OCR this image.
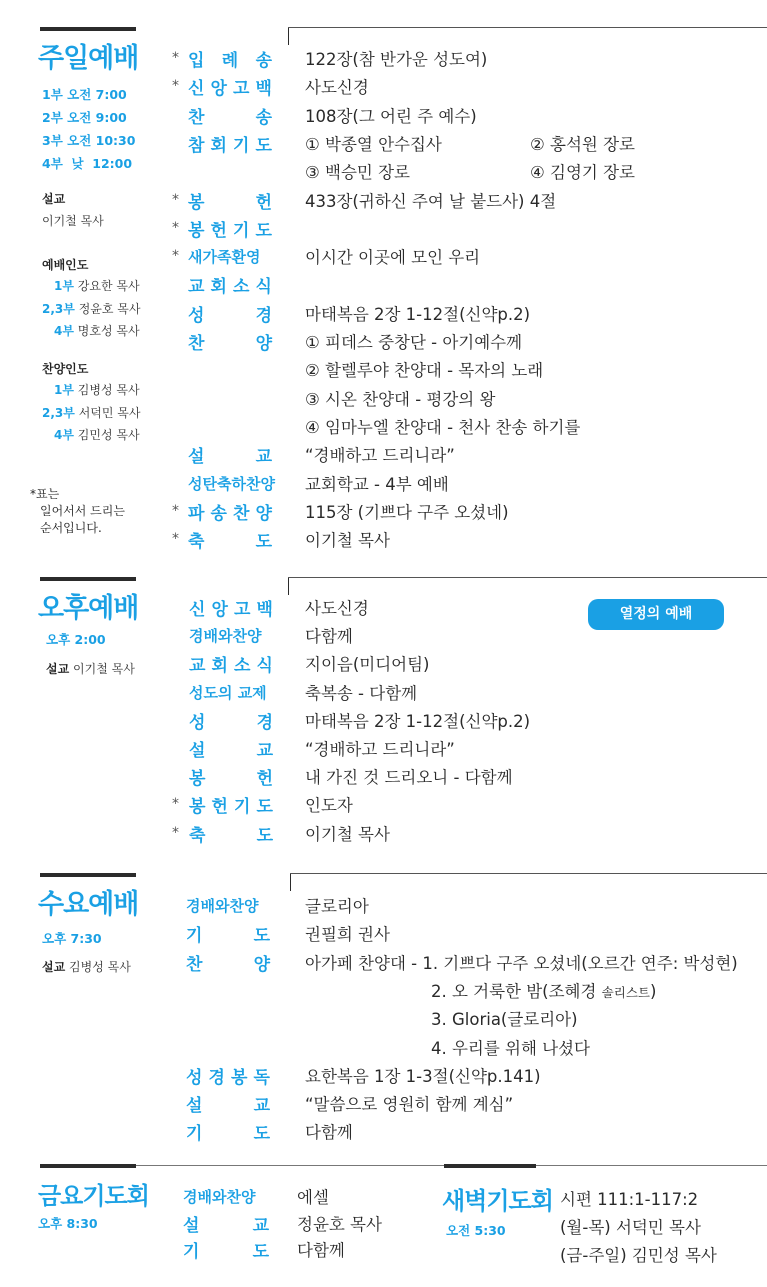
주일예배
1부 오전 7:00
2부 오전 9:00
3부 오전 10:30
4부  낮  12:00
설교
이기철 목사
예배인도
1부 강요한 목사
2,3부 정윤호 목사
4부 명호성 목사
찬양인도
1부 김병성 목사
2,3부 서덕민 목사
4부 김민성 목사
*표는
일어서서 드리는
순서입니다.
* 입 례 송 122장(참 반가운 성도여)
* 신 앙 고 백 사도신경
찬	송 108장(그 어린 주 예수)
참 회 기 도 ① 박종열 안수집사	② 홍석원 장로
③ 백승민 장로	④ 김영기 장로
* 봉	헌 433장(귀하신 주여 날 붙드사) 4절
* 봉 헌 기 도
* 새가족환영	이시간 이곳에 모인 우리
교 회 소 식
성	경 마태복음 2장 1-12절(신약p.2)
찬	양 ① 피데스 중창단 - 아기예수께
② 할렐루야 찬양대 - 목자의 노래
③ 시온 찬양대 - 평강의 왕
④ 임마누엘 찬양대 - 천사 찬송 하기를
설	교 “경배하고 드리니라”
성탄축하찬양 교회학교 - 4부 예배
* 파 송 찬 양 115장 (기쁘다 구주 오셨네)
* 축	도 이기철 목사
오후예배
오후 2:00
설교 이기철 목사
열정의 예배
신 앙 고 백 사도신경
경배와찬양	다함께
교 회 소 식 지이음(미디어팀)
성도의 교제 축복송 - 다함께
성	경 마태복음 2장 1-12절(신약p.2)
설	교 “경배하고 드리니라”
봉	헌 내 가진 것 드리오니 - 다함께
* 봉 헌 기 도 인도자
* 축	도 이기철 목사
수요예배
오후 7:30
설교 김병성 목사
경배와찬양	글로리아
기	도 권필희 권사
찬	양 아가페 찬양대 - 1. 기쁘다 구주 오셨네(오르간 연주: 박성현)
2. 오 거룩한 밤(조혜경 솔리스트)
3. Gloria(글로리아)
4. 우리를 위해 나셨다
성 경 봉 독 요한복음 1장 1-3절(신약p.141)
설	교 “말씀으로 영원히 함께 계심”
기	도 다함께
금요기도회
오후 8:30
경배와찬양	에셀
설	교 정윤호 목사
기	도 다함께
새벽기도회
오전 5:30
시편 111:1-117:2
(월-목) 서덕민 목사
(금-주일) 김민성 목사
